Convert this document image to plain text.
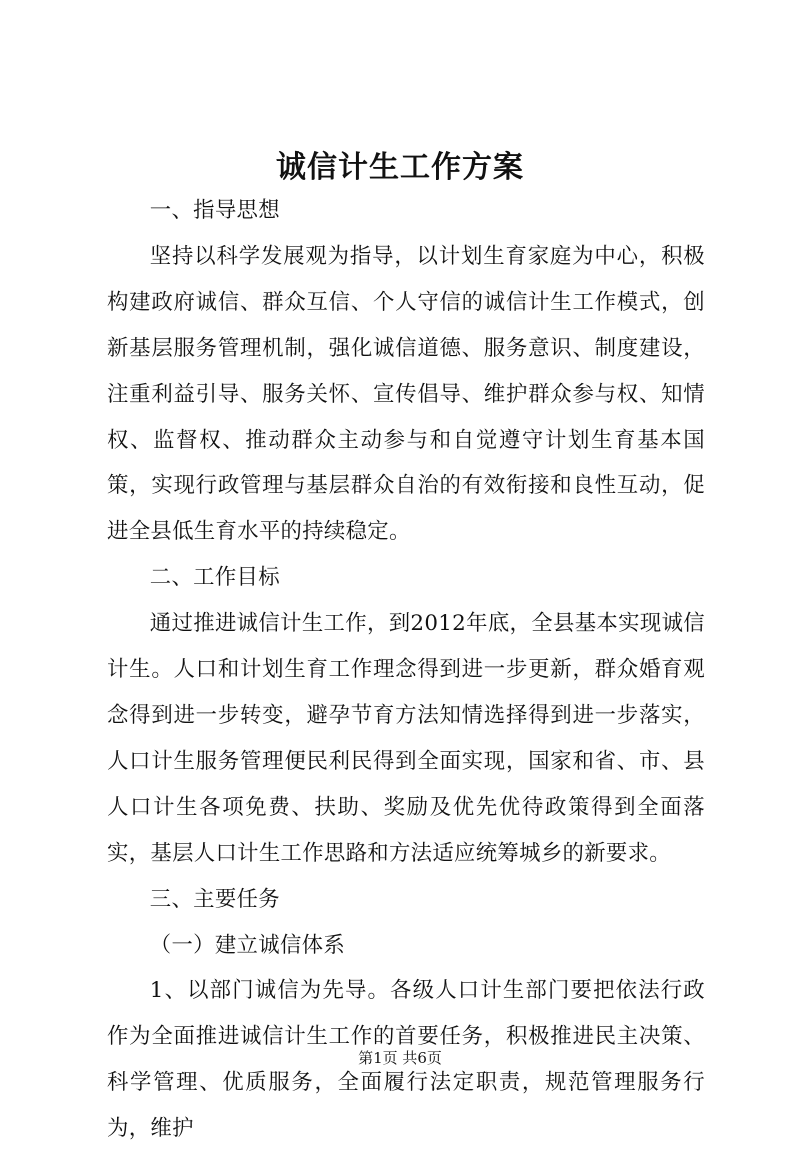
诚信计生工作方案

一、指导思想

坚持以科学发展观为指导，以计划生育家庭为中心，积极构建政府诚信、群众互信、个人守信的诚信计生工作模式，创新基层服务管理机制，强化诚信道德、服务意识、制度建设，注重利益引导、服务关怀、宣传倡导、维护群众参与权、知情权、监督权、推动群众主动参与和自觉遵守计划生育基本国策，实现行政管理与基层群众自治的有效衔接和良性互动，促进全县低生育水平的持续稳定。

二、工作目标

通过推进诚信计生工作，到2012年底，全县基本实现诚信计生。人口和计划生育工作理念得到进一步更新，群众婚育观念得到进一步转变，避孕节育方法知情选择得到进一步落实，人口计生服务管理便民利民得到全面实现，国家和省、市、县人口计生各项免费、扶助、奖励及优先优待政策得到全面落实，基层人口计生工作思路和方法适应统筹城乡的新要求。

三、主要任务

（一）建立诚信体系

1、以部门诚信为先导。各级人口计生部门要把依法行政作为全面推进诚信计生工作的首要任务，积极推进民主决策、科学管理、优质服务，全面履行法定职责，规范管理服务行为，维护

第1页 共6页
